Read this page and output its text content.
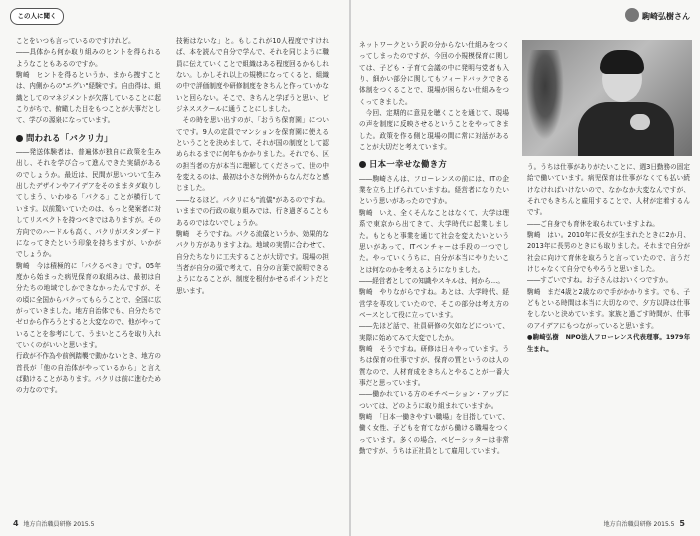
この人に聞く

ことをいつも言っているのですけれど。

――具体から何か取り組みのヒントを得られるようなこともあるのですか。

駒崎　ヒントを得るというか、まから捜すことは、内側からの"エグい"経験です。自由得は、組織としてのマネジメントが欠落していることに起こりがちで、俯瞰した目をもつことが大事だとして、学びの源泉になっています。

問われる「バクリ力」

――発送体験者は、普遍体が独自に政策を生み出し、それを学び合って進んできた実績があるのでしょうか。最近は、民間が思いついて生み出したデザインやアイデアをそのままタダ取りしてしまう、いわゆる「パクる」ことが横行しています。以前驚いていたのは、もっと発案者に対してリスペクトを持つべきではありますが。その方向でのハードルも高く、パクリがスタンダードになってきたという印象を持ちますが、いかがでしょうか。

駒崎　今は積極的に「パクるべき」です。05年度から始まった病児保育の取組みは、最初は自分たちの地域でしかできなかったんですが、その頃に全国からパクってもらうことで、全国に広がっていきました。地方自治体でも、自分たちでゼロから作ろうとすると大変なので、他がやっていることを参考にして、うまいところを取り入れていくのがいいと思います。

行政が不作為や前例踏襲で動かないとき、地方の首長が「他の自治体がやっているから」と言えば動けることがあります。パクリは前に進むための力なのです。

技術はないな」と。もしこれが10人程度ですければ、本を読んで自分で学んで、それを同じように職員に伝えていくことで組織はある程度回るかもしれない。しかしそれ以上の規模になってくると、組織の中で評価制度や研修制度をきちんと作っていかないと回らない。そこで、きちんと学ぼうと思い、ビジネススクールに通うことにしました。

その時を思い出すのが、「おうち保育園」についてです。9人の定員でマンションを保育園に使えるということを決めまして、それが国の制度として認められるまでに何年もかかりました。それでも、区の担当者の方が本当に理解してくださって、世の中を変えるのは、最初は小さな例外からなんだなと感じました。

――なるほど。パクリにも"流儀"があるのですね。いままでの行政の取り組みでは、行き過ぎることもあるのではないでしょうか。

駒崎　そうですね。パクる流儀というか、効果的なパクり方がありますよね。地域の実情に合わせて、自分たちなりに工夫することが大切です。現場の担当者が自分の頭で考えて、自分の言葉で説明できるようになることが、制度を根付かせるポイントだと思います。

4 地方自治職員研修 2015.5
駒崎弘樹さん

ネットワークという訳の分からない仕組みをつくってしまったのですが、今回の小規模保育に関しては、子ども・子育て会議の中に発明与党者も入り、細かい部分に関してもフィードバックできる体制をつくることで、現場が困らない仕組みをつくってきました。

今回、定期的に意見を聴くことを通じて、現場の声を制度に反映させるということをやってきました。政策を作る側と現場の間に常に対話があることが大切だと考えています。

日本一幸せな働き方

――駒崎さんは、フローレンスの前には、ITの企業を立ち上げられていますね。経営者になりたいという思いがあったのですか。

駒崎　いえ、全くそんなことはなくて、大学は理系で東京から出てきて、大学時代に起業しました。もともと事業を通じて社会を変えたいという思いがあって、ITベンチャーは手段の一つでした。やっていくうちに、自分が本当にやりたいことは何なのかを考えるようになりました。

――経営者としての知識やスキルは、何から…。

駒崎　やりながらですね。あとは、大学時代、経営学を専攻していたので、そこの部分は考え方のベースとして役に立っています。

――先ほど話で、社員研修の欠如などについて、実際に始めてみて大変でしたか。

駒崎　そうですね。研修は日々やっています。うちは保育の仕事ですが、保育の質というのは人の質なので、人材育成をきちんとやることが一番大事だと思っています。

――働かれている方のモチベーション・アップについては、どのように取り組まれていますか。

駒崎　「日本一働きやすい職場」を目指していて、働く女性、子どもを育てながら働ける職場をつくっています。多くの場合、ペビーシッターは非常勤ですが、うちは正社員として雇用しています。

う。うちは仕事がありがたいことに、週3日勤務の固定給で働いています。病児保育は仕事がなくても払い続けなければいけないので、なかなか大変なんですが、それでもきちんと雇用することで、人材が定着するんです。

――ご自身でも育休を取られていますよね。

駒崎　はい。2010年に長女が生まれたときに2か月、2013年に長男のときにも取りました。それまで自分が社会に向けて育休を取ろうと言っていたので、言うだけじゃなくて自分でもやろうと思いました。

――すごいですね。お子さんはおいくつですか。

駒崎　まだ4歳と2歳なので手がかかります。でも、子どもといる時間は本当に大切なので、夕方以降は仕事をしないと決めています。家族と過ごす時間が、仕事のアイデアにもつながっていると思います。

●駒崎弘樹　NPO法人フローレンス代表理事。1979年生まれ。

地方自治職員研修 2015.5 5
